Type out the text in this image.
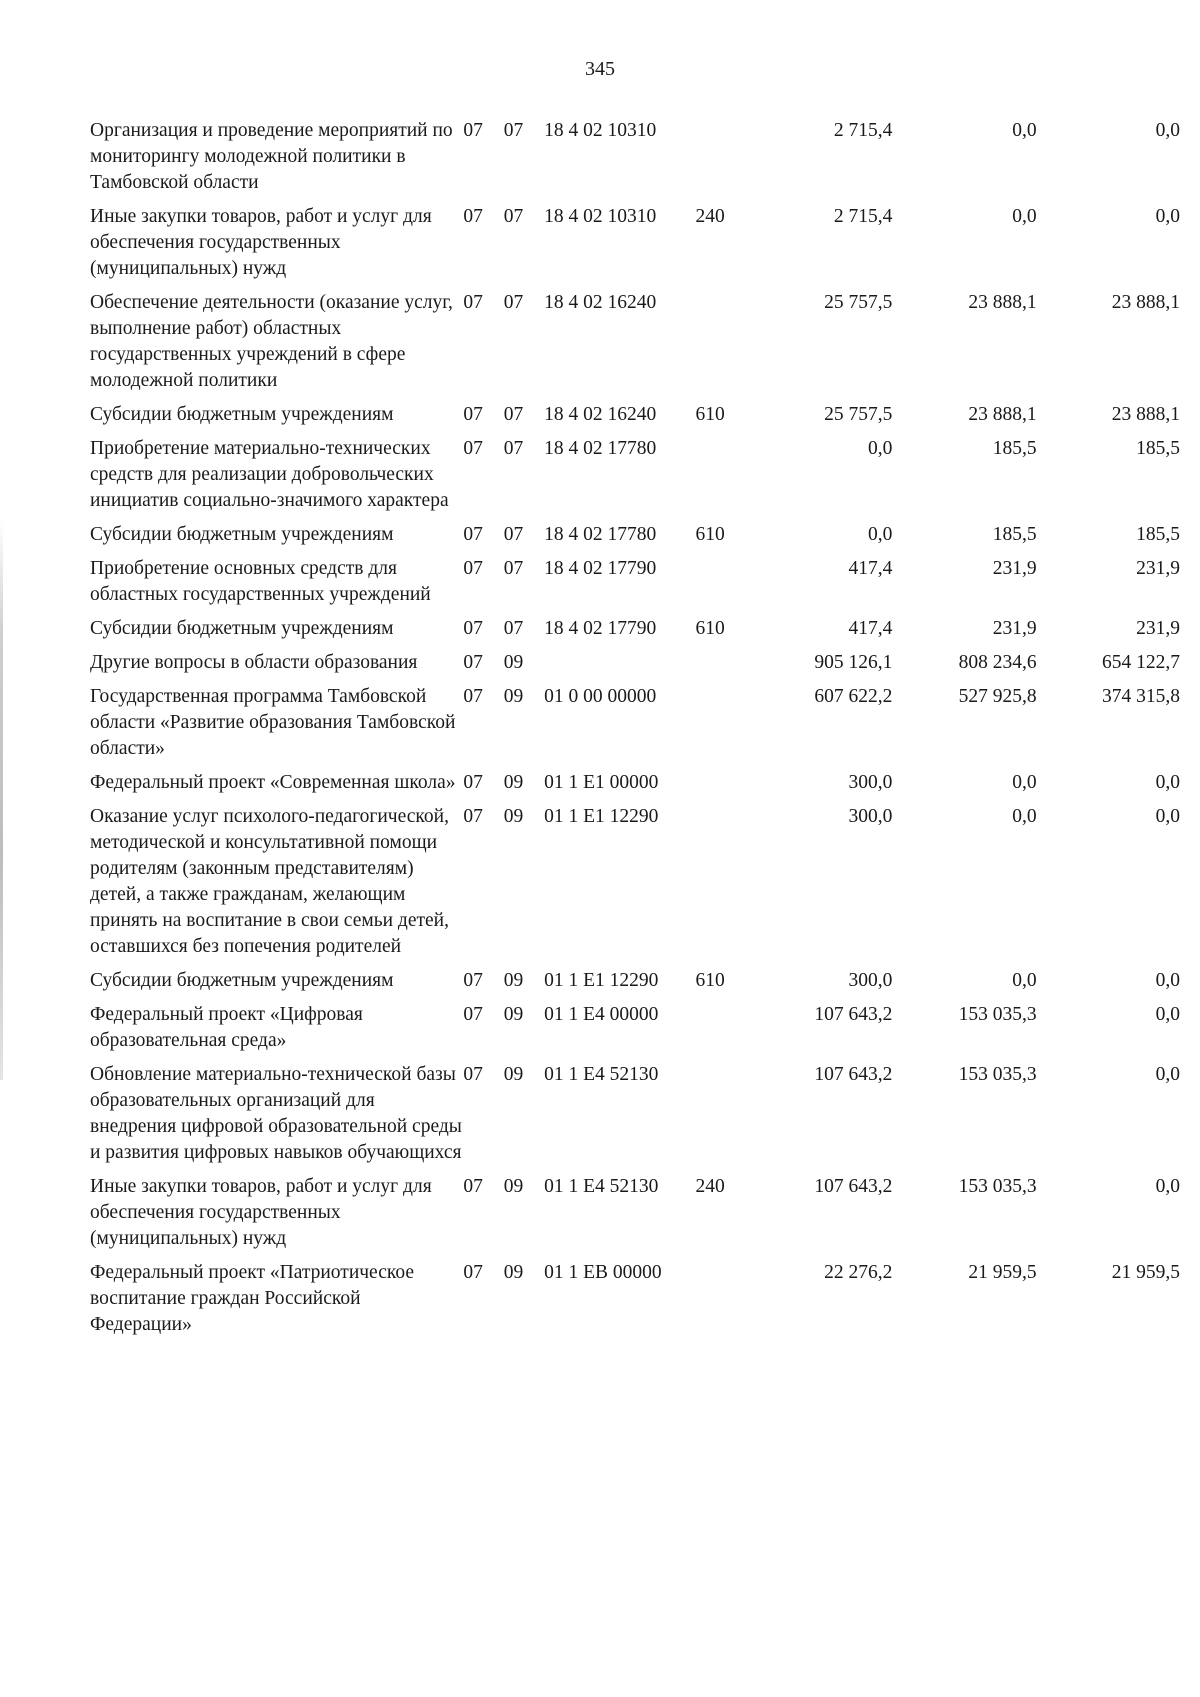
345
Организация и проведение мероприятий по мониторингу молодежной политики в Тамбовской области	07	07	18 4 02 10310		2 715,4	0,0	0,0
Иные закупки товаров, работ и услуг для обеспечения государственных (муниципальных) нужд	07	07	18 4 02 10310	240	2 715,4	0,0	0,0
Обеспечение деятельности (оказание услуг, выполнение работ) областных государственных учреждений в сфере молодежной политики	07	07	18 4 02 16240		25 757,5	23 888,1	23 888,1
Субсидии бюджетным учреждениям	07	07	18 4 02 16240	610	25 757,5	23 888,1	23 888,1
Приобретение материально-технических средств для реализации добровольческих инициатив социально-значимого характера	07	07	18 4 02 17780		0,0	185,5	185,5
Субсидии бюджетным учреждениям	07	07	18 4 02 17780	610	0,0	185,5	185,5
Приобретение основных средств для областных государственных учреждений	07	07	18 4 02 17790		417,4	231,9	231,9
Субсидии бюджетным учреждениям	07	07	18 4 02 17790	610	417,4	231,9	231,9
Другие вопросы в области образования	07	09			905 126,1	808 234,6	654 122,7
Государственная программа Тамбовской области «Развитие образования Тамбовской области»	07	09	01 0 00 00000		607 622,2	527 925,8	374 315,8
Федеральный проект «Современная школа»	07	09	01 1 E1 00000		300,0	0,0	0,0
Оказание услуг психолого-педагогической, методической и консультативной помощи родителям (законным представителям) детей, а также гражданам, желающим принять на воспитание в свои семьи детей, оставшихся без попечения родителей	07	09	01 1 E1 12290		300,0	0,0	0,0
Субсидии бюджетным учреждениям	07	09	01 1 E1 12290	610	300,0	0,0	0,0
Федеральный проект «Цифровая образовательная среда»	07	09	01 1 E4 00000		107 643,2	153 035,3	0,0
Обновление материально-технической базы образовательных организаций для внедрения цифровой образовательной среды и развития цифровых навыков обучающихся	07	09	01 1 E4 52130		107 643,2	153 035,3	0,0
Иные закупки товаров, работ и услуг для обеспечения государственных (муниципальных) нужд	07	09	01 1 E4 52130	240	107 643,2	153 035,3	0,0
Федеральный проект «Патриотическое воспитание граждан Российской Федерации»	07	09	01 1 EB 00000		22 276,2	21 959,5	21 959,5
